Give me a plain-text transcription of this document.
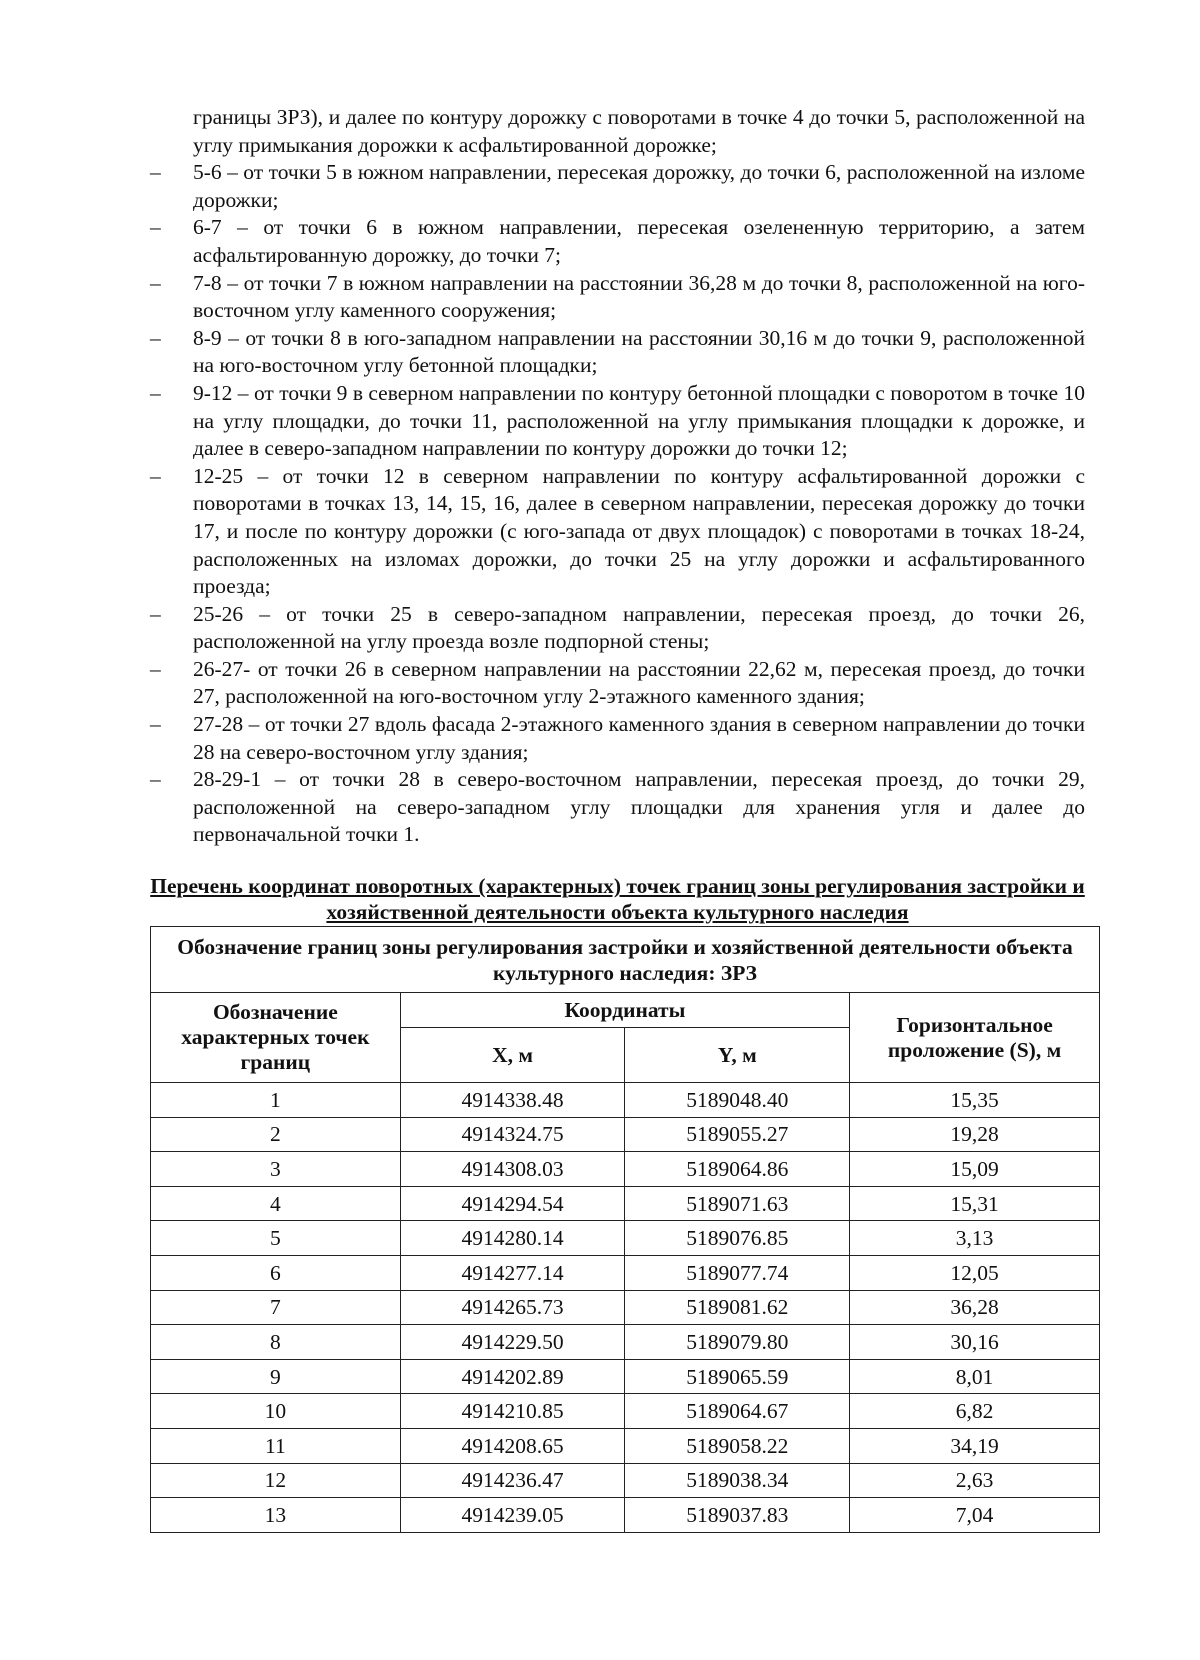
границы ЗРЗ), и далее по контуру дорожку с поворотами в точке 4 до точки 5, расположенной на углу примыкания дорожки к асфальтированной дорожке;

– 5-6 – от точки 5 в южном направлении, пересекая дорожку, до точки 6, расположенной на изломе дорожки;
– 6-7 – от точки 6 в южном направлении, пересекая озелененную территорию, а затем асфальтированную дорожку, до точки 7;
– 7-8 – от точки 7 в южном направлении на расстоянии 36,28 м до точки 8, расположенной на юго-восточном углу каменного сооружения;
– 8-9 – от точки 8 в юго-западном направлении на расстоянии 30,16 м до точки 9, расположенной на юго-восточном углу бетонной площадки;
– 9-12 – от точки 9 в северном направлении по контуру бетонной площадки с поворотом в точке 10 на углу площадки, до точки 11, расположенной на углу примыкания площадки к дорожке, и далее в северо-западном направлении по контуру дорожки до точки 12;
– 12-25 – от точки 12 в северном направлении по контуру асфальтированной дорожки с поворотами в точках 13, 14, 15, 16, далее в северном направлении, пересекая дорожку до точки 17, и после по контуру дорожки (с юго-запада от двух площадок) с поворотами в точках 18-24, расположенных на изломах дорожки, до точки 25 на углу дорожки и асфальтированного проезда;
– 25-26 – от точки 25 в северо-западном направлении, пересекая проезд, до точки 26, расположенной на углу проезда возле подпорной стены;
– 26-27- от точки 26 в северном направлении на расстоянии 22,62 м, пересекая проезд, до точки 27, расположенной на юго-восточном углу 2-этажного каменного здания;
– 27-28 – от точки 27 вдоль фасада 2-этажного каменного здания в северном направлении до точки 28 на северо-восточном углу здания;
– 28-29-1 – от точки 28 в северо-восточном направлении, пересекая проезд, до точки 29, расположенной на северо-западном углу площадки для хранения угля и далее до первоначальной точки 1.
Перечень координат поворотных (характерных) точек границ зоны регулирования застройки и хозяйственной деятельности объекта культурного наследия
Обозначение границ зоны регулирования застройки и хозяйственной деятельности объекта культурного наследия: ЗРЗ			
Обозначение характерных точек границ	Координаты		Горизонтальное проложение (S), м
	X, м	Y, м	
1	4914338.48	5189048.40	15,35
2	4914324.75	5189055.27	19,28
3	4914308.03	5189064.86	15,09
4	4914294.54	5189071.63	15,31
5	4914280.14	5189076.85	3,13
6	4914277.14	5189077.74	12,05
7	4914265.73	5189081.62	36,28
8	4914229.50	5189079.80	30,16
9	4914202.89	5189065.59	8,01
10	4914210.85	5189064.67	6,82
11	4914208.65	5189058.22	34,19
12	4914236.47	5189038.34	2,63
13	4914239.05	5189037.83	7,04
